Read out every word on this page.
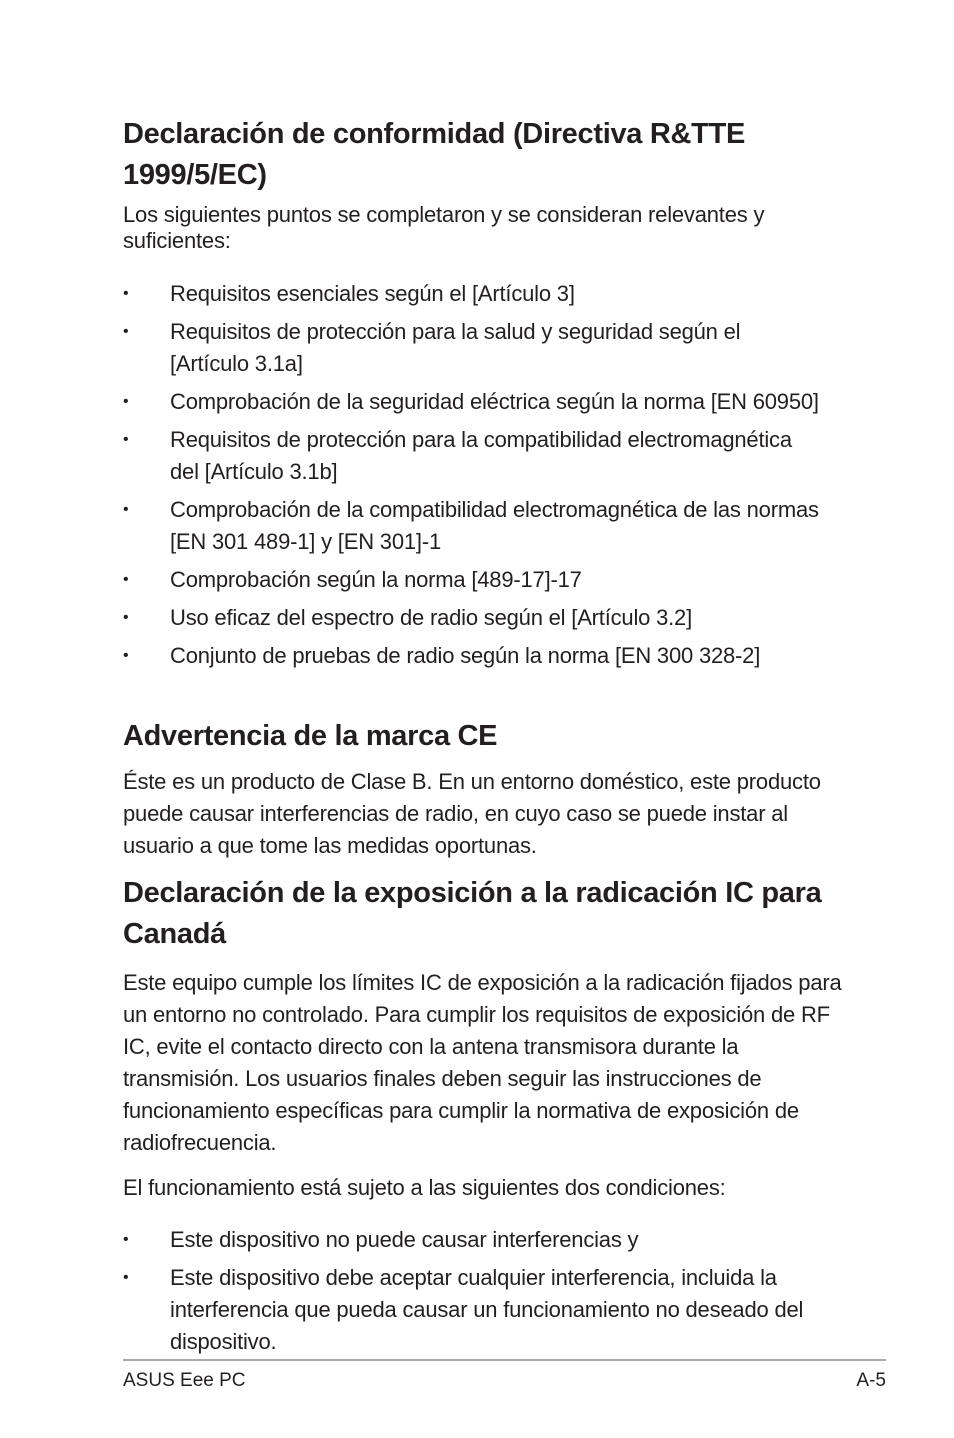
Declaración de conformidad (Directiva R&TTE 1999/5/EC)

Los siguientes puntos se completaron y se consideran relevantes y suficientes:

•	Requisitos esenciales según el [Artículo 3]
•	Requisitos de protección para la salud y seguridad según el [Artículo 3.1a]
•	Comprobación de la seguridad eléctrica según la norma [EN 60950]
•	Requisitos de protección para la compatibilidad electromagnética del [Artículo 3.1b]
•	Comprobación de la compatibilidad electromagnética de las normas [EN 301 489-1] y [EN 301]-1
•	Comprobación según la norma [489-17]-17
•	Uso eficaz del espectro de radio según el [Artículo 3.2]
•	Conjunto de pruebas de radio según la norma [EN 300 328-2]
Advertencia de la marca CE

Éste es un producto de Clase B. En un entorno doméstico, este producto puede causar interferencias de radio, en cuyo caso se puede instar al usuario a que tome las medidas oportunas.

Declaración de la exposición a la radicación IC para Canadá

Este equipo cumple los límites IC de exposición a la radicación fijados para un entorno no controlado. Para cumplir los requisitos de exposición de RF IC, evite el contacto directo con la antena transmisora durante la transmisión. Los usuarios finales deben seguir las instrucciones de funcionamiento específicas para cumplir la normativa de exposición de radiofrecuencia.

El funcionamiento está sujeto a las siguientes dos condiciones:

•	Este dispositivo no puede causar interferencias y
•	Este dispositivo debe aceptar cualquier interferencia, incluida la interferencia que pueda causar un funcionamiento no deseado del dispositivo.
ASUS Eee PC	A-5
